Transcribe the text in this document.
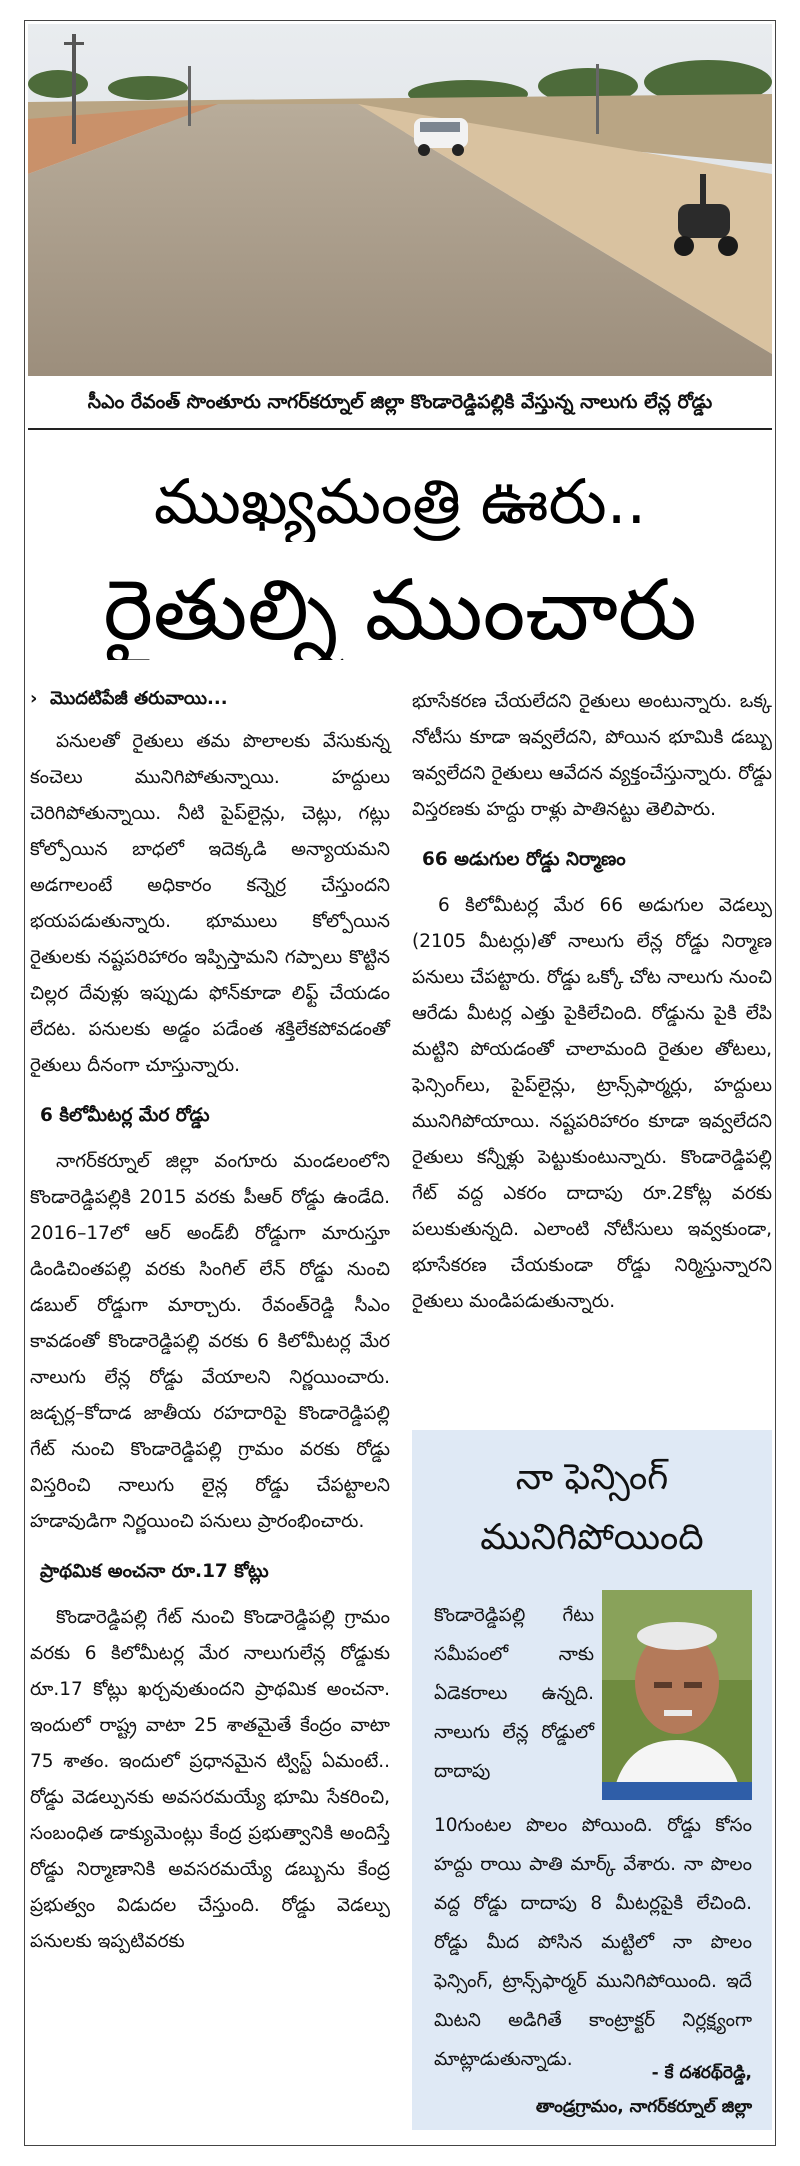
సీఎం రేవంత్ సొంతూరు నాగర్‌కర్నూల్ జిల్లా కొండారెడ్డిపల్లికి వేస్తున్న నాలుగు లేన్ల రోడ్డు
ముఖ్యమంత్రి ఊరు..
రైతుల్ని ముంచారు
› మొదటిపేజీ తరువాయి...

పనులతో రైతులు తమ పొలాలకు వేసుకున్న కంచెలు మునిగిపోతున్నాయి. హద్దులు చెరిగిపోతున్నాయి. నీటి పైప్‌లైన్లు, చెట్లు, గట్లు కోల్పోయిన బాధలో ఇదెక్కడి అన్యాయమని అడగాలంటే అధికారం కన్నెర్ర చేస్తుందని భయపడుతున్నారు. భూములు కోల్పోయిన రైతులకు నష్టపరిహారం ఇప్పిస్తామని గప్పాలు కొట్టిన చిల్లర దేవుళ్లు ఇప్పుడు ఫోన్‌కూడా లిఫ్ట్ చేయడం లేదట. పనులకు అడ్డం పడేంత శక్తిలేకపోవడంతో రైతులు దీనంగా చూస్తున్నారు.

6 కిలోమీటర్ల మేర రోడ్డు

నాగర్‌కర్నూల్ జిల్లా వంగూరు మండలంలోని కొండారెడ్డిపల్లికి 2015 వరకు పీఆర్ రోడ్డు ఉండేది. 2016–17లో ఆర్ అండ్‌బీ రోడ్డుగా మారుస్తూ డిండిచింతపల్లి వరకు సింగిల్ లేన్ రోడ్డు నుంచి డబుల్ రోడ్డుగా మార్చారు. రేవంత్‌రెడ్డి సీఎం కావడంతో కొండారెడ్డిపల్లి వరకు 6 కిలోమీటర్ల మేర నాలుగు లేన్ల రోడ్డు వేయాలని నిర్ణయించారు. జడ్చర్ల–కోదాడ జాతీయ రహదారిపై కొండారెడ్డిపల్లి గేట్ నుంచి కొండారెడ్డిపల్లి గ్రామం వరకు రోడ్డు విస్తరించి నాలుగు లైన్ల రోడ్డు చేపట్టాలని హడావుడిగా నిర్ణయించి పనులు ప్రారంభించారు.

ప్రాథమిక అంచనా రూ.17 కోట్లు

కొండారెడ్డిపల్లి గేట్ నుంచి కొండారెడ్డిపల్లి గ్రామం వరకు 6 కిలోమీటర్ల మేర నాలుగులేన్ల రోడ్డుకు రూ.17 కోట్లు ఖర్చవుతుందని ప్రాథమిక అంచనా. ఇందులో రాష్ట్ర వాటా 25 శాతమైతే కేంద్రం వాటా 75 శాతం. ఇందులో ప్రధానమైన ట్విస్ట్ ఏమంటే.. రోడ్డు వెడల్పునకు అవసరమయ్యే భూమి సేకరించి, సంబంధిత డాక్యుమెంట్లు కేంద్ర ప్రభుత్వానికి అందిస్తే రోడ్డు నిర్మాణానికి అవసరమయ్యే డబ్బును కేంద్ర ప్రభుత్వం విడుదల చేస్తుంది. రోడ్డు వెడల్పు పనులకు ఇప్పటివరకు

భూసేకరణ చేయలేదని రైతులు అంటున్నారు. ఒక్క నోటీసు కూడా ఇవ్వలేదని, పోయిన భూమికి డబ్బు ఇవ్వలేదని రైతులు ఆవేదన వ్యక్తంచేస్తున్నారు. రోడ్డు విస్తరణకు హద్దు రాళ్లు పాతినట్టు తెలిపారు.

66 అడుగుల రోడ్డు నిర్మాణం

6 కిలోమీటర్ల మేర 66 అడుగుల వెడల్పు (2105 మీటర్లు)తో నాలుగు లేన్ల రోడ్డు నిర్మాణ పనులు చేపట్టారు. రోడ్డు ఒక్కో చోట నాలుగు నుంచి ఆరేడు మీటర్ల ఎత్తు పైకిలేచింది. రోడ్డును పైకి లేపి మట్టిని పోయడంతో చాలామంది రైతుల తోటలు, ఫెన్సింగ్‌లు, పైప్‌లైన్లు, ట్రాన్స్‌ఫార్మర్లు, హద్దులు మునిగిపోయాయి. నష్టపరిహారం కూడా ఇవ్వలేదని రైతులు కన్నీళ్లు పెట్టుకుంటున్నారు. కొండారెడ్డిపల్లి గేట్ వద్ద ఎకరం దాదాపు రూ.2కోట్ల వరకు పలుకుతున్నది. ఎలాంటి నోటీసులు ఇవ్వకుండా, భూసేకరణ చేయకుండా రోడ్డు నిర్మిస్తున్నారని రైతులు మండిపడుతున్నారు.

నా ఫెన్సింగ్
మునిగిపోయింది

కొండారెడ్డిపల్లి గేటు సమీపంలో నాకు ఏడెకరాలు ఉన్నది. నాలుగు లేన్ల రోడ్డులో దాదాపు

10గుంటల పొలం పోయింది. రోడ్డు కోసం హద్దు రాయి పాతి మార్క్ వేశారు. నా పొలం వద్ద రోడ్డు దాదాపు 8 మీటర్లపైకి లేచింది. రోడ్డు మీద పోసిన మట్టిలో నా పొలం ఫెన్సింగ్, ట్రాన్స్‌ఫార్మర్ మునిగిపోయింది. ఇదే మిటని అడిగితే కాంట్రాక్టర్ నిర్లక్ష్యంగా మాట్లాడుతున్నాడు.

- కే దశరథ్‌రెడ్డి,
తాండ్రగ్రామం, నాగర్‌కర్నూల్ జిల్లా
